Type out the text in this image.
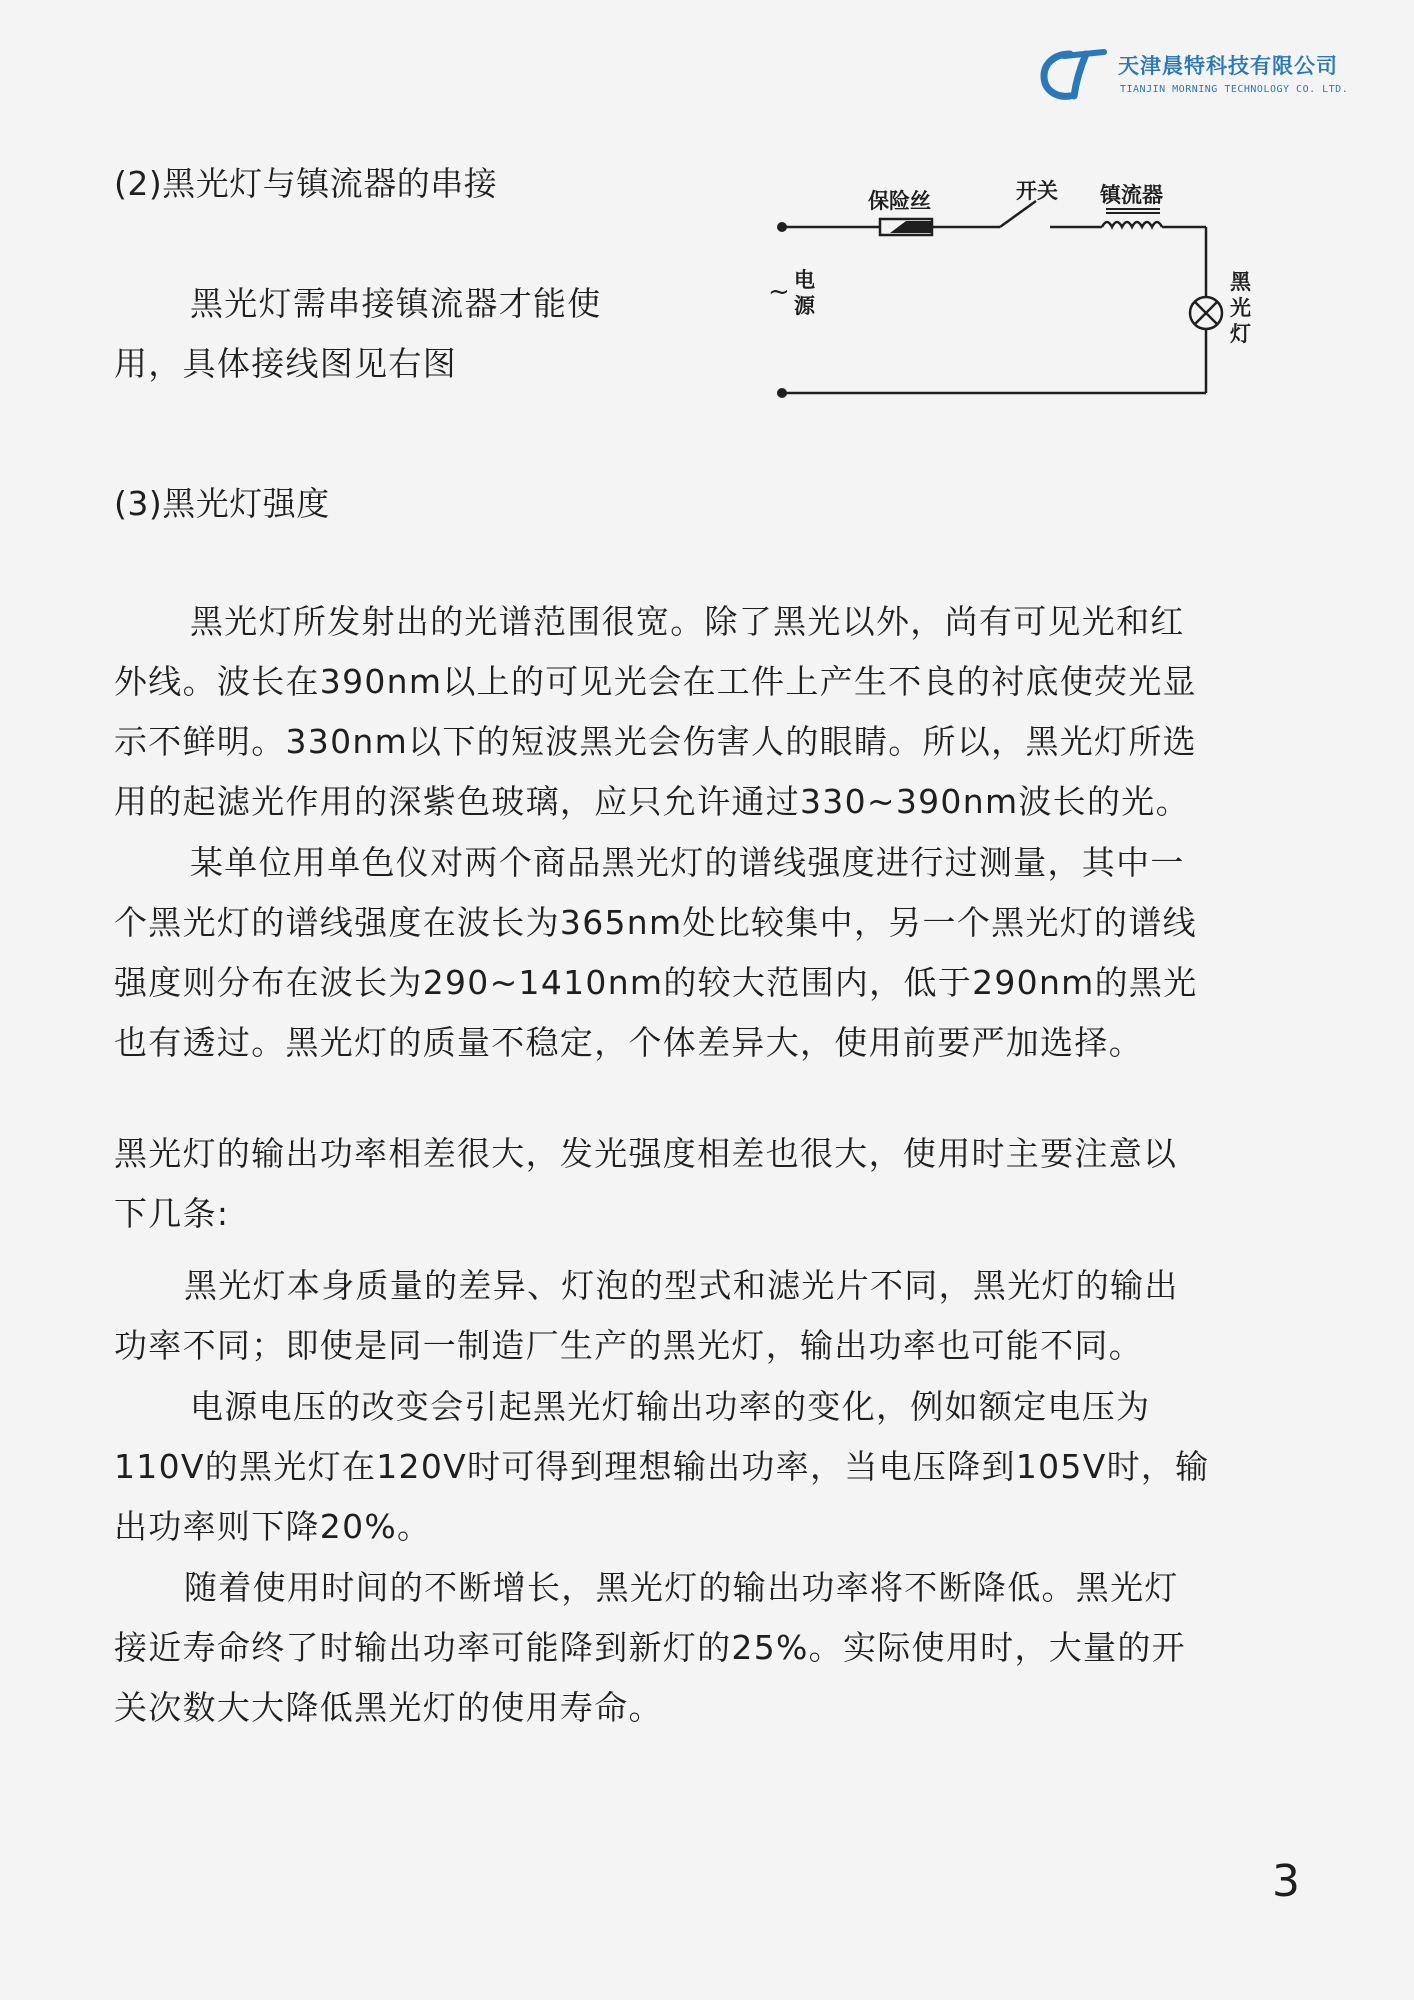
天津晨特科技有限公司
TIANJIN MORNING TECHNOLOGY CO. LTD.
(2)黑光灯与镇流器的串接
黑光灯需串接镇流器才能使
用，具体接线图见右图
保险丝	开关 镇流器
~ 电源
黑光灯
(3)黑光灯强度
黑光灯所发射出的光谱范围很宽。除了黑光以外，尚有可见光和红
外线。波长在390nm以上的可见光会在工件上产生不良的衬底使荧光显
示不鲜明。330nm以下的短波黑光会伤害人的眼睛。所以，黑光灯所选
用的起滤光作用的深紫色玻璃，应只允许通过330~390nm波长的光。
某单位用单色仪对两个商品黑光灯的谱线强度进行过测量，其中一
个黑光灯的谱线强度在波长为365nm处比较集中，另一个黑光灯的谱线
强度则分布在波长为290~1410nm的较大范围内，低于290nm的黑光
也有透过。黑光灯的质量不稳定，个体差异大，使用前要严加选择。
黑光灯的输出功率相差很大，发光强度相差也很大，使用时主要注意以
下几条:
黑光灯本身质量的差异、灯泡的型式和滤光片不同，黑光灯的输出
功率不同；即使是同一制造厂生产的黑光灯，输出功率也可能不同。
电源电压的改变会引起黑光灯输出功率的变化，例如额定电压为
110V的黑光灯在120V时可得到理想输出功率，当电压降到105V时，输
出功率则下降20%。
随着使用时间的不断增长，黑光灯的输出功率将不断降低。黑光灯
接近寿命终了时输出功率可能降到新灯的25%。实际使用时，大量的开
关次数大大降低黑光灯的使用寿命。
3
